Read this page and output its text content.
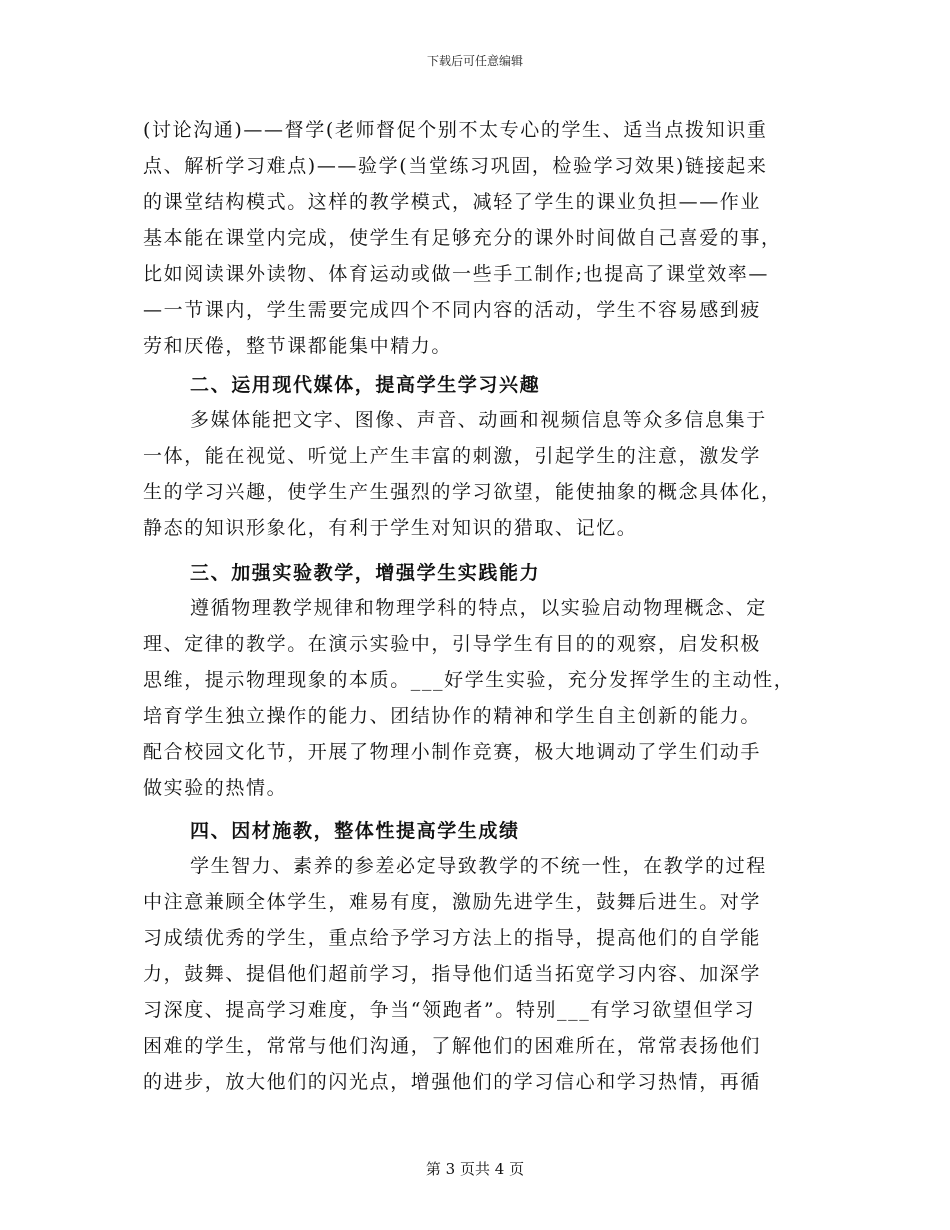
下载后可任意编辑
(讨论沟通)——督学(老师督促个别不太专心的学生、适当点拨知识重
点、解析学习难点)——验学(当堂练习巩固，检验学习效果)链接起来
的课堂结构模式。这样的教学模式，减轻了学生的课业负担——作业
基本能在课堂内完成，使学生有足够充分的课外时间做自己喜爱的事，
比如阅读课外读物、体育运动或做一些手工制作;也提高了课堂效率—
—一节课内，学生需要完成四个不同内容的活动，学生不容易感到疲
劳和厌倦，整节课都能集中精力。
二、运用现代媒体，提高学生学习兴趣
多媒体能把文字、图像、声音、动画和视频信息等众多信息集于
一体，能在视觉、听觉上产生丰富的刺激，引起学生的注意，激发学
生的学习兴趣，使学生产生强烈的学习欲望，能使抽象的概念具体化，
静态的知识形象化，有利于学生对知识的猎取、记忆。
三、加强实验教学，增强学生实践能力
遵循物理教学规律和物理学科的特点，以实验启动物理概念、定
理、定律的教学。在演示实验中，引导学生有目的的观察，启发积极
思维，提示物理现象的本质。___好学生实验，充分发挥学生的主动性，
培育学生独立操作的能力、团结协作的精神和学生自主创新的能力。
配合校园文化节，开展了物理小制作竞赛，极大地调动了学生们动手
做实验的热情。
四、因材施教，整体性提高学生成绩
学生智力、素养的参差必定导致教学的不统一性，在教学的过程
中注意兼顾全体学生，难易有度，激励先进学生，鼓舞后进生。对学
习成绩优秀的学生，重点给予学习方法上的指导，提高他们的自学能
力，鼓舞、提倡他们超前学习，指导他们适当拓宽学习内容、加深学
习深度、提高学习难度，争当“领跑者”。特别___有学习欲望但学习
困难的学生，常常与他们沟通，了解他们的困难所在，常常表扬他们
的进步，放大他们的闪光点，增强他们的学习信心和学习热情，再循
第 3 页共 4 页
